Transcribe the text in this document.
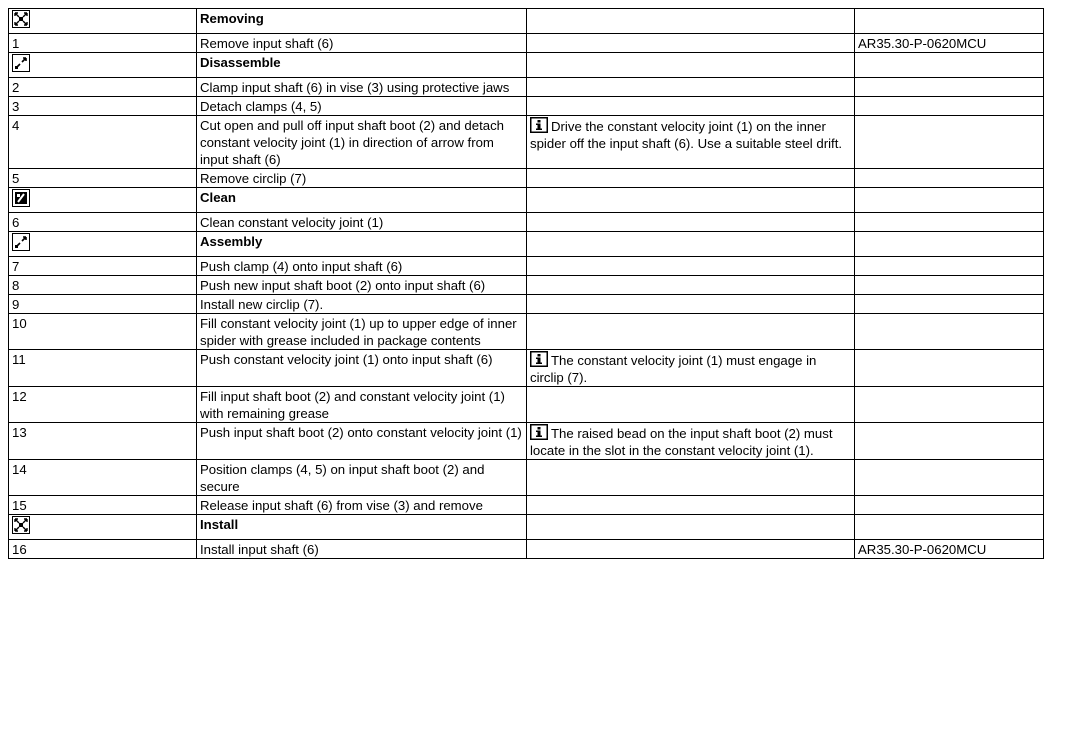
	Removing		
1	Remove input shaft (6)		AR35.30-P-0620MCU

	Disassemble		
2	Clamp input shaft (6) in vise (3) using protective jaws		
3	Detach clamps (4, 5)		
4	Cut open and pull off input shaft boot (2) and detach constant velocity joint (1) in direction of arrow from input shaft (6)	Drive the constant velocity joint (1) on the inner spider off the input shaft (6). Use a suitable steel drift.	
5	Remove circlip (7)		

	Clean		
6	Clean constant velocity joint (1)		

	Assembly		
7	Push clamp (4) onto input shaft (6)		
8	Push new input shaft boot (2) onto input shaft (6)		
9	Install new circlip (7).		
10	Fill constant velocity joint (1) up to upper edge of inner spider with grease included in package contents		
11	Push constant velocity joint (1) onto input shaft (6)	The constant velocity joint (1) must engage in circlip (7).	
12	Fill input shaft boot (2) and constant velocity joint (1) with remaining grease		
13	Push input shaft boot (2) onto constant velocity joint (1)	The raised bead on the input shaft boot (2) must locate in the slot in the constant velocity joint (1).	
14	Position clamps (4, 5) on input shaft boot (2) and secure		
15	Release input shaft (6) from vise (3) and remove		

	Install		
16	Install input shaft (6)		AR35.30-P-0620MCU
